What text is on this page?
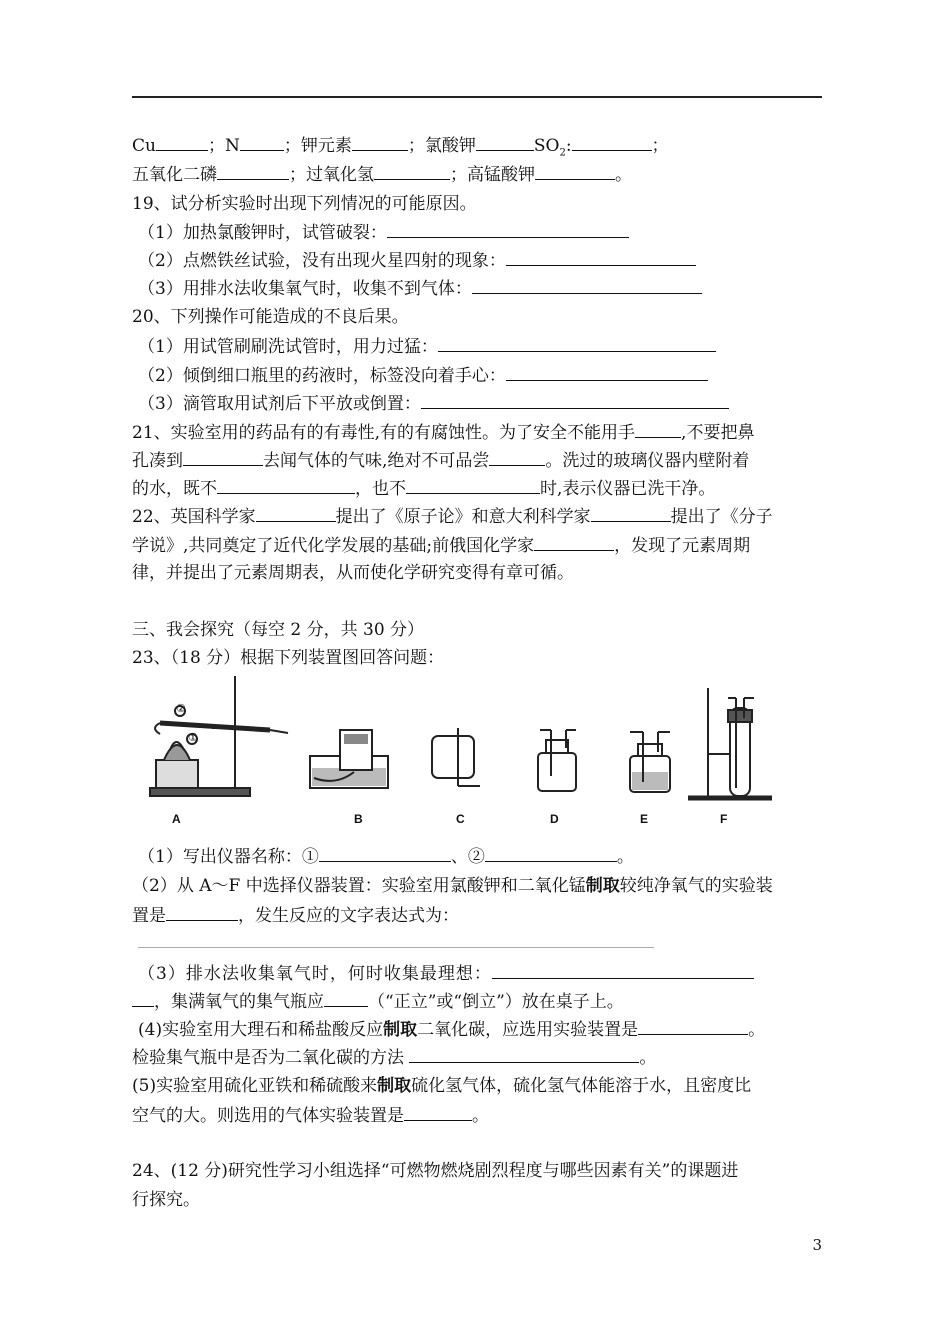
Cu	；N	；钾元素	；氯酸钾	$SO_2$:	；
五氧化二磷	；过氧化氢	；高锰酸钾	。
19、试分析实验时出现下列情况的可能原因。
（1）加热氯酸钾时，试管破裂：
（2）点燃铁丝试验，没有出现火星四射的现象：
（3）用排水法收集氧气时，收集不到气体：
20、下列操作可能造成的不良后果。
（1）用试管刷刷洗试管时，用力过猛：
（2）倾倒细口瓶里的药液时，标签没向着手心：
（3）滴管取用试剂后下平放或倒置：
21、实验室用的药品有的有毒性,有的有腐蚀性。为了安全不能用手	,不要把鼻
孔凑到	去闻气体的气味,绝对不可品尝	。洗过的玻璃仪器内壁附着
的水，既不	，也不	时,表示仪器已洗干净。
22、英国科学家	提出了《原子论》和意大利科学家	提出了《分子
学说》,共同奠定了近代化学发展的基础;前俄国化学家	，发现了元素周期
律，并提出了元素周期表，从而使化学研究变得有章可循。
三、我会探究（每空 2 分，共 30 分）
23、（18 分）根据下列装置图回答问题：
②
①
A	B	C	D	E	F
（1）写出仪器名称：①	、②	。
（2）从 A～F 中选择仪器装置：实验室用氯酸钾和二氧化锰制取较纯净氧气的实验装
置是	，发生反应的文字表达式为：
（3）排水法收集氧气时，何时收集最理想：
，集满氧气的集气瓶应	（“正立”或“倒立”）放在桌子上。
(4)实验室用大理石和稀盐酸反应制取二氧化碳，应选用实验装置是	。
检验集气瓶中是否为二氧化碳的方法	。
(5)实验室用硫化亚铁和稀硫酸来制取硫化氢气体，硫化氢气体能溶于水，且密度比
空气的大。则选用的气体实验装置是	。
24、(12 分)研究性学习小组选择“可燃物燃烧剧烈程度与哪些因素有关”的课题进
行探究。
3
